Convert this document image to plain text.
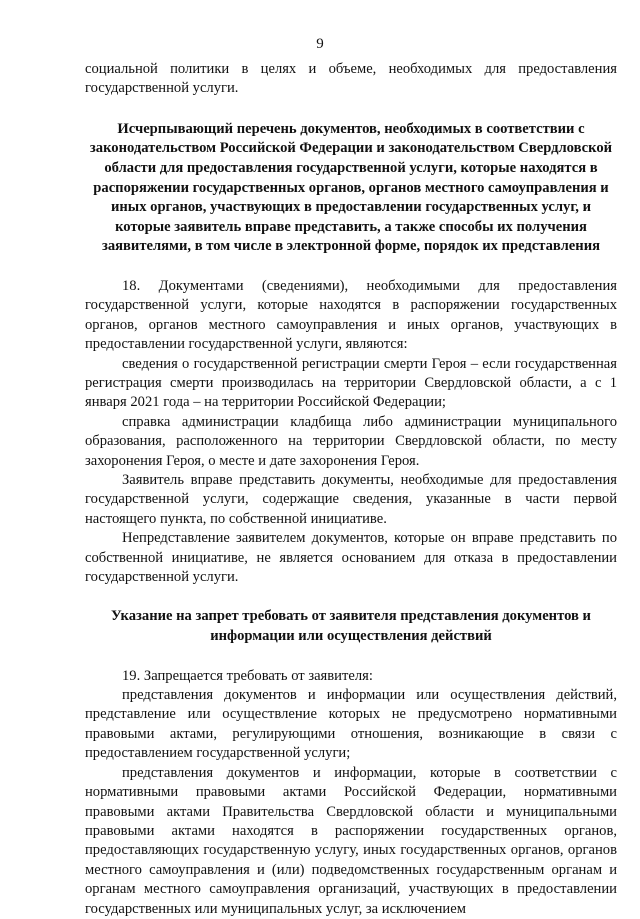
9

социальной политики в целях и объеме, необходимых для предоставления государственной услуги.

Исчерпывающий перечень документов, необходимых в соответствии с законодательством Российской Федерации и законодательством Свердловской области для предоставления государственной услуги, которые находятся в распоряжении государственных органов, органов местного самоуправления и иных органов, участвующих в предоставлении государственных услуг, и которые заявитель вправе представить, а также способы их получения заявителями, в том числе в электронной форме, порядок их представления

18. Документами (сведениями), необходимыми для предоставления государственной услуги, которые находятся в распоряжении государственных органов, органов местного самоуправления и иных органов, участвующих в предоставлении государственной услуги, являются:

сведения о государственной регистрации смерти Героя – если государственная регистрация смерти производилась на территории Свердловской области, а с 1 января 2021 года – на территории Российской Федерации;

справка администрации кладбища либо администрации муниципального образования, расположенного на территории Свердловской области, по месту захоронения Героя, о месте и дате захоронения Героя.

Заявитель вправе представить документы, необходимые для предоставления государственной услуги, содержащие сведения, указанные в части первой настоящего пункта, по собственной инициативе.

Непредставление заявителем документов, которые он вправе представить по собственной инициативе, не является основанием для отказа в предоставлении государственной услуги.

Указание на запрет требовать от заявителя представления документов и информации или осуществления действий

19. Запрещается требовать от заявителя:

представления документов и информации или осуществления действий, представление или осуществление которых не предусмотрено нормативными правовыми актами, регулирующими отношения, возникающие в связи с предоставлением государственной услуги;

представления документов и информации, которые в соответствии с нормативными правовыми актами Российской Федерации, нормативными правовыми актами Правительства Свердловской области и муниципальными правовыми актами находятся в распоряжении государственных органов, предоставляющих государственную услугу, иных государственных органов, органов местного самоуправления и (или) подведомственных государственным органам и органам местного самоуправления организаций, участвующих в предоставлении государственных или муниципальных услуг, за исключением
